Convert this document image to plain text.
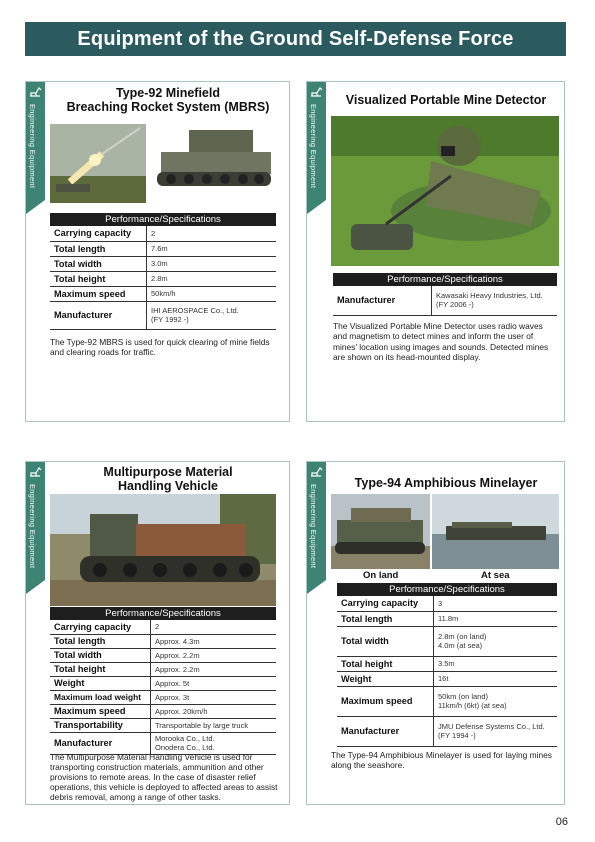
Equipment of the Ground Self-Defense Force
Engineering Equipment
Type-92 Minefield
Breaching Rocket System (MBRS)
Performance/Specifications
Carrying capacity	2
Total length	7.6m
Total width	3.0m
Total height	2.8m
Maximum speed	50km/h
Manufacturer	IHI AEROSPACE Co., Ltd.
(FY 1992 -)
The Type-92 MBRS is used for quick clearing of mine fields and clearing roads for traffic.
Engineering Equipment
Visualized Portable Mine Detector
Performance/Specifications
Manufacturer	Kawasaki Heavy Industries, Ltd.
(FY 2006 -)
The Visualized Portable Mine Detector uses radio waves and magnetism to detect mines and inform the user of mines’ location using images and sounds. Detected mines are shown on its head-mounted display.
Engineering Equipment
Multipurpose Material
Handling Vehicle
Performance/Specifications
Carrying capacity	2
Total length	Approx. 4.3m
Total width	Approx. 2.2m
Total height	Approx. 2.2m
Weight	Approx. 5t
Maximum load weight	Approx. 3t
Maximum speed	Approx. 20km/h
Transportability	Transportable by large truck
Manufacturer	Morooka Co., Ltd.
Onodera Co., Ltd.
The Multipurpose Material Handling Vehicle is used for transporting construction materials, ammunition and other provisions to remote areas. In the case of disaster relief operations, this vehicle is deployed to affected areas to assist debris removal, among a range of other tasks.
Engineering Equipment
Type-94 Amphibious Minelayer
On land	At sea
Performance/Specifications
Carrying capacity	3
Total length	11.8m
Total width	2.8m (on land)
4.0m (at sea)

Total height	3.5m
Weight	16t
Maximum speed	50km (on land)
11km/h (6kt) (at sea)

Manufacturer	JMU Defense Systems Co., Ltd.
(FY 1994 -)
The Type-94 Amphibious Minelayer is used for laying mines along the seashore.
06
